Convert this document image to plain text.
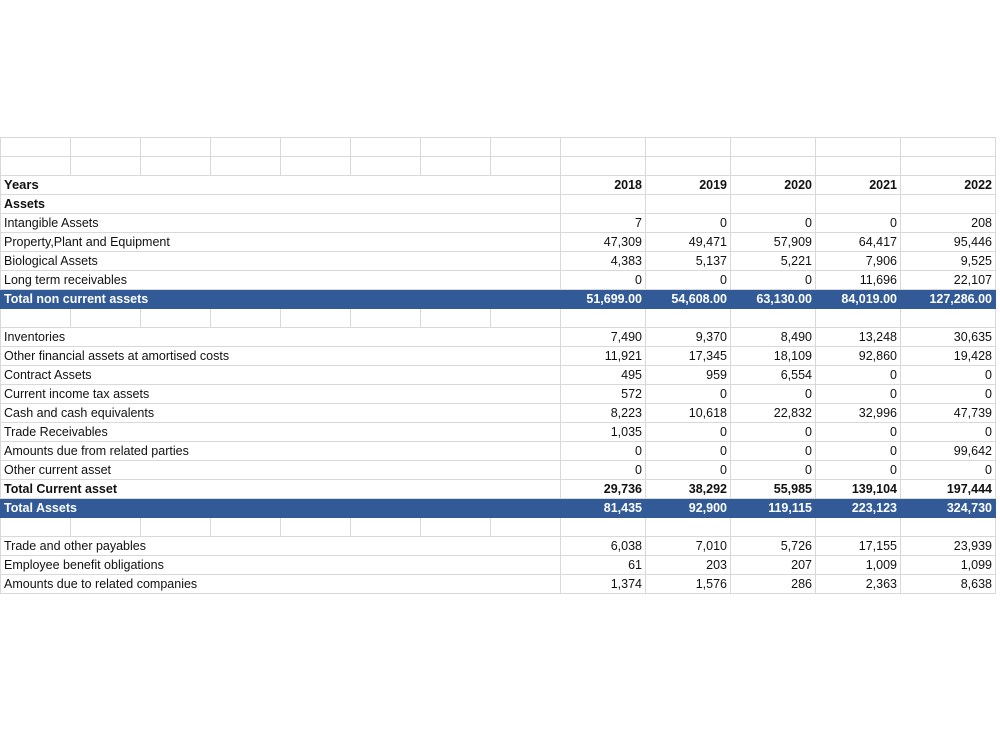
Years								2018	2019	2020	2021	2022
Assets												
Intangible Assets								7	0	0	0	208
Property,Plant and Equipment								47,309	49,471	57,909	64,417	95,446
Biological Assets								4,383	5,137	5,221	7,906	9,525
Long term receivables								0	0	0	11,696	22,107
Total non current assets								51,699.00	54,608.00	63,130.00	84,019.00	127,286.00

Inventories								7,490	9,370	8,490	13,248	30,635
Other financial assets at amortised costs								11,921	17,345	18,109	92,860	19,428
Contract Assets								495	959	6,554	0	0
Current income tax assets								572	0	0	0	0
Cash and cash equivalents								8,223	10,618	22,832	32,996	47,739
Trade Receivables								1,035	0	0	0	0
Amounts due from related parties								0	0	0	0	99,642
Other current asset								0	0	0	0	0
Total Current asset								29,736	38,292	55,985	139,104	197,444
Total Assets								81,435	92,900	119,115	223,123	324,730

Trade and other payables								6,038	7,010	5,726	17,155	23,939
Employee benefit obligations								61	203	207	1,009	1,099
Amounts due to related companies								1,374	1,576	286	2,363	8,638
